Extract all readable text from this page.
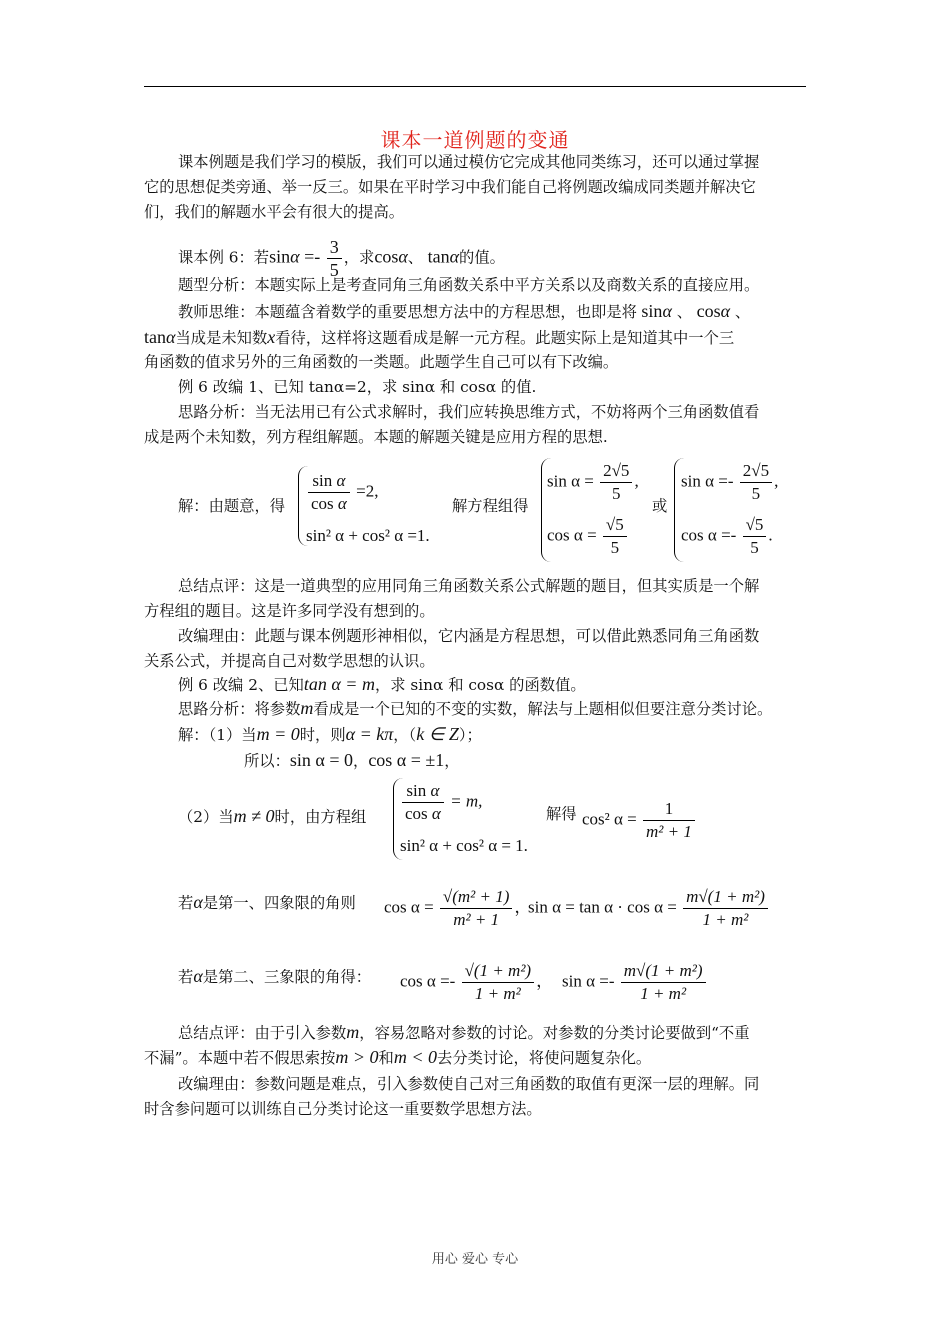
课本一道例题的变通
课本例题是我们学习的模版，我们可以通过模仿它完成其他同类练习，还可以通过掌握
它的思想促类旁通、举一反三。如果在平时学习中我们能自己将例题改编成同类题并解决它
们，我们的解题水平会有很大的提高。
课本例 6：若$\sin\alpha =- \frac{3}{5}$ ，求cosα、 tanα的值。
题型分析：本题实际上是考查同角三角函数关系中平方关系以及商数关系的直接应用。
教师思维：本题蕴含着数学的重要思想方法中的方程思想，也即是将 sinα 、 cosα 、
tanα当成是未知数x看待，这样将这题看成是解一元方程。此题实际上是知道其中一个三
角函数的值求另外的三角函数的一类题。此题学生自己可以有下改编。
例 6 改编 1、已知 tanα=2，求 sinα 和 cosα 的值.
思路分析：当无法用已有公式求解时，我们应转换思维方式，不妨将两个三角函数值看
成是两个未知数，列方程组解题。本题的解题关键是应用方程的思想.
解：由题意，得 $\frac{\text{sin α}}{\text{cos α}} =2$,
sin² α + cos² α =1.
解方程组得
$\sin \alpha = \frac{2√5}{5}$ ,
$\cos \alpha = \frac{√5}{5}$
或
$\sin \alpha =- \frac{2√5}{5}$ ,
$\cos \alpha =- \frac{√5}{5}$ .
总结点评：这是一道典型的应用同角三角函数关系公式解题的题目，但其实质是一个解
方程组的题目。这是许多同学没有想到的。
改编理由：此题与课本例题形神相似，它内涵是方程思想，可以借此熟悉同角三角函数
关系公式，并提高自己对数学思想的认识。
例 6 改编 2、已知tan α = m，求 sinα 和 cosα 的函数值。
思路分析：将参数m看成是一个已知的不变的实数，解法与上题相似但要注意分类讨论。
解：（1）当m = 0时，则α = kπ，（k ∈ Z）；
所以：sin α = 0，cos α = ±1，
（2）当m ≠ 0时，由方程组 $\frac{\text{sin α}}{\text{cos α}} = m$,
sin² α + cos² α = 1.
解得 cos² $\alpha = \frac{1}{\text{m² + 1}}$
若α是第一、四象限的角则 $\cos \alpha = \frac{\text{√(m² + 1)}}{\text{m² + 1}}$ ，
$\sin \alpha = \tan \alpha \cdot \cos \alpha = \frac{\text{m√(1 + m²)}}{\text{1 + m²}}$
若α是第二、三象限的角得： $\cos \alpha =- \frac{\text{√(1 + m²)}}{\text{1 + m²}}$ ， $\sin \alpha =- \frac{\text{m√(1 + m²)}}{\text{1 + m²}}$
总结点评：由于引入参数m，容易忽略对参数的讨论。对参数的分类讨论要做到“不重
不漏”。本题中若不假思索按m > 0和m < 0去分类讨论，将使问题复杂化。
改编理由：参数问题是难点，引入参数使自己对三角函数的取值有更深一层的理解。同
时含参问题可以训练自己分类讨论这一重要数学思想方法。
用心 爱心 专心
